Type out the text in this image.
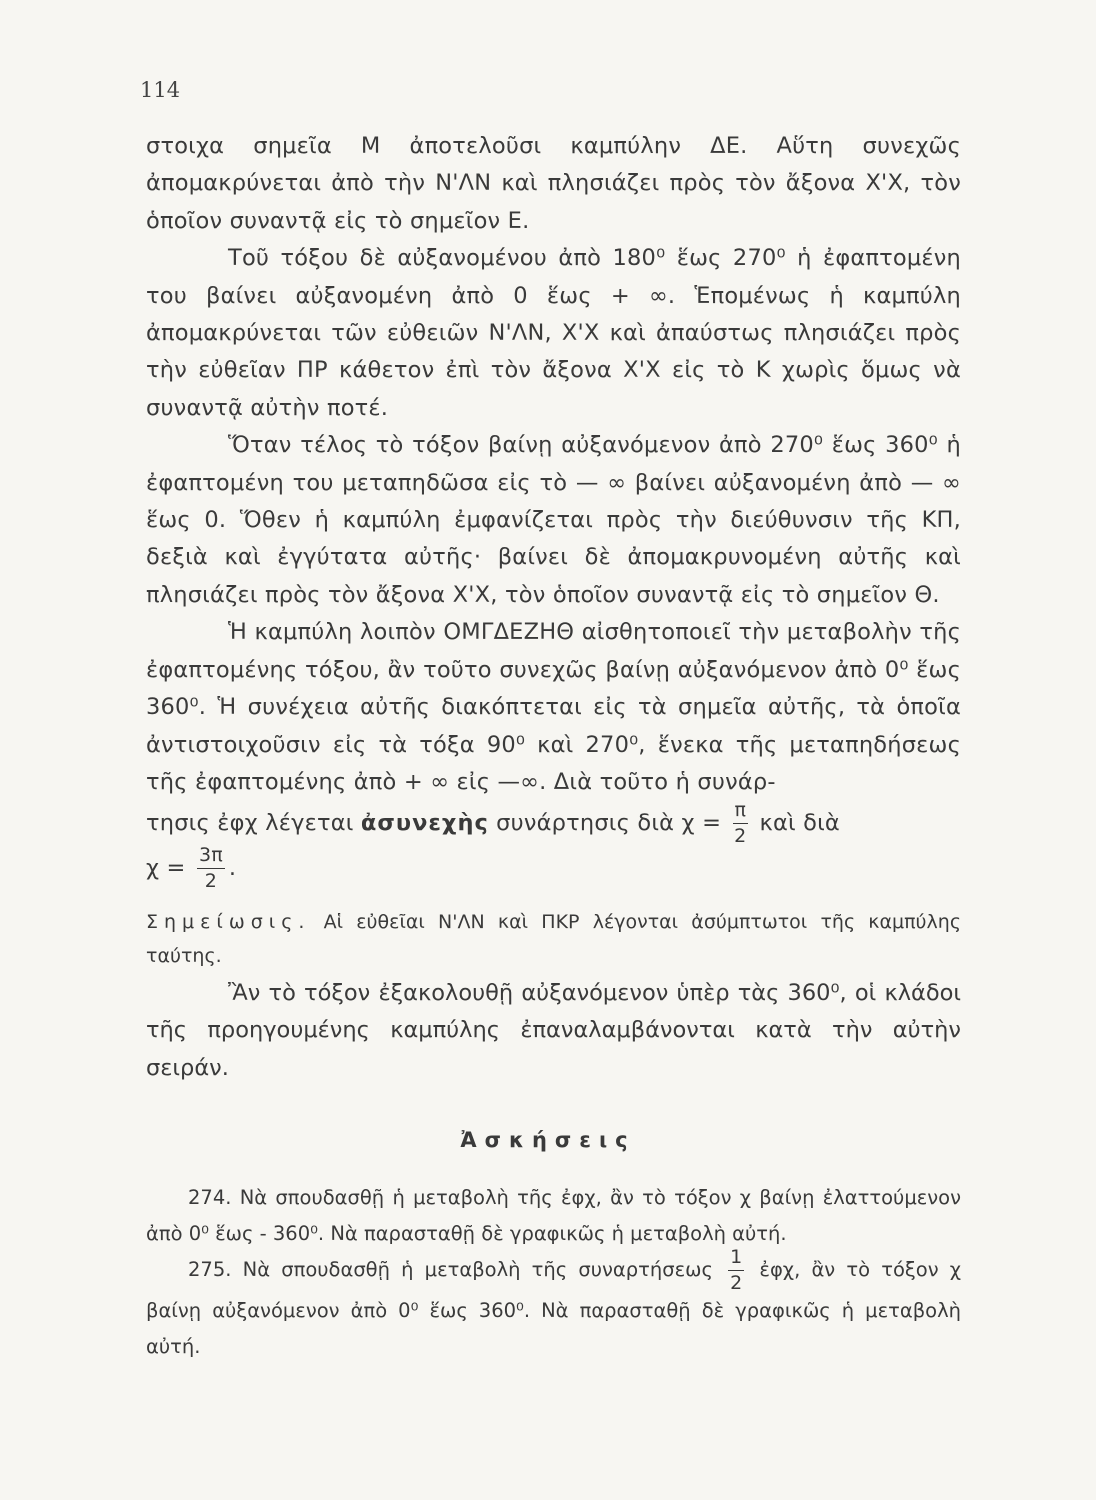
114

στοιχα σημεῖα Μ ἀποτελοῦσι καμπύλην ΔΕ. Αὕτη συνεχῶς ἀπομακρύνεται ἀπὸ τὴν Ν'ΛΝ καὶ πλησιάζει πρὸς τὸν ἄξονα Χ'Χ, τὸν ὁποῖον συναντᾷ εἰς τὸ σημεῖον Ε.

Τοῦ τόξου δὲ αὐξανομένου ἀπὸ 180⁰ ἕως 270⁰ ἡ ἐφαπτομένη του βαίνει αὐξανομένη ἀπὸ 0 ἕως + ∞. Ἑπομένως ἡ καμπύλη ἀπομακρύνεται τῶν εὐθειῶν Ν'ΛΝ, Χ'Χ καὶ ἀπαύστως πλησιάζει πρὸς τὴν εὐθεῖαν ΠΡ κάθετον ἐπὶ τὸν ἄξονα Χ'Χ εἰς τὸ Κ χωρὶς ὅμως νὰ συναντᾷ αὐτὴν ποτέ.

Ὅταν τέλος τὸ τόξον βαίνῃ αὐξανόμενον ἀπὸ 270⁰ ἕως 360⁰ ἡ ἐφαπτομένη του μεταπηδῶσα εἰς τὸ — ∞ βαίνει αὐξανομένη ἀπὸ — ∞ ἕως 0. Ὅθεν ἡ καμπύλη ἐμφανίζεται πρὸς τὴν διεύθυνσιν τῆς ΚΠ, δεξιὰ καὶ ἐγγύτατα αὐτῆς· βαίνει δὲ ἀπομακρυνομένη αὐτῆς καὶ πλησιάζει πρὸς τὸν ἄξονα Χ'Χ, τὸν ὁποῖον συναντᾷ εἰς τὸ σημεῖον Θ.

Ἡ καμπύλη λοιπὸν ΟΜΓΔΕΖΗΘ αἰσθητοποιεῖ τὴν μεταβολὴν τῆς ἐφαπτομένης τόξου, ἂν τοῦτο συνεχῶς βαίνῃ αὐξανόμενον ἀπὸ 0⁰ ἕως 360⁰. Ἡ συνέχεια αὐτῆς διακόπτεται εἰς τὰ σημεῖα αὐτῆς, τὰ ὁποῖα ἀντιστοιχοῦσιν εἰς τὰ τόξα 90⁰ καὶ 270⁰, ἕνεκα τῆς μεταπηδήσεως τῆς ἐφαπτομένης ἀπὸ + ∞ εἰς —∞. Διὰ τοῦτο ἡ συνάρ-

τησις ἐφχ λέγεται ἀσυνεχὴς συνάρτησις διὰ $\chi = \frac{\pi}{2}$ καὶ διὰ

$\chi = \frac{3\pi}{2}$ .

Σημείωσις. Αἱ εὐθεῖαι Ν'ΛΝ καὶ ΠΚΡ λέγονται ἀσύμπτωτοι τῆς καμπύλης ταύτης.

Ἂν τὸ τόξον ἐξακολουθῇ αὐξανόμενον ὑπὲρ τὰς 360⁰, οἱ κλάδοι τῆς προηγουμένης καμπύλης ἐπαναλαμβάνονται κατὰ τὴν αὐτὴν σειράν.

Ἀσκήσεις
274. Νὰ σπουδασθῇ ἡ μεταβολὴ τῆς ἐφχ, ἂν τὸ τόξον χ βαίνῃ ἐλαττούμενον ἀπὸ 0⁰ ἕως - 360⁰. Νὰ παρασταθῇ δὲ γραφικῶς ἡ μεταβολὴ αὐτή.
275. Νὰ σπουδασθῇ ἡ μεταβολὴ τῆς συναρτήσεως $\frac{1}{2}$ ἐφχ, ἂν τὸ τόξον χ βαίνῃ αὐξανόμενον ἀπὸ 0⁰ ἕως 360⁰. Νὰ παρασταθῇ δὲ γραφικῶς ἡ μεταβολὴ αὐτή.
